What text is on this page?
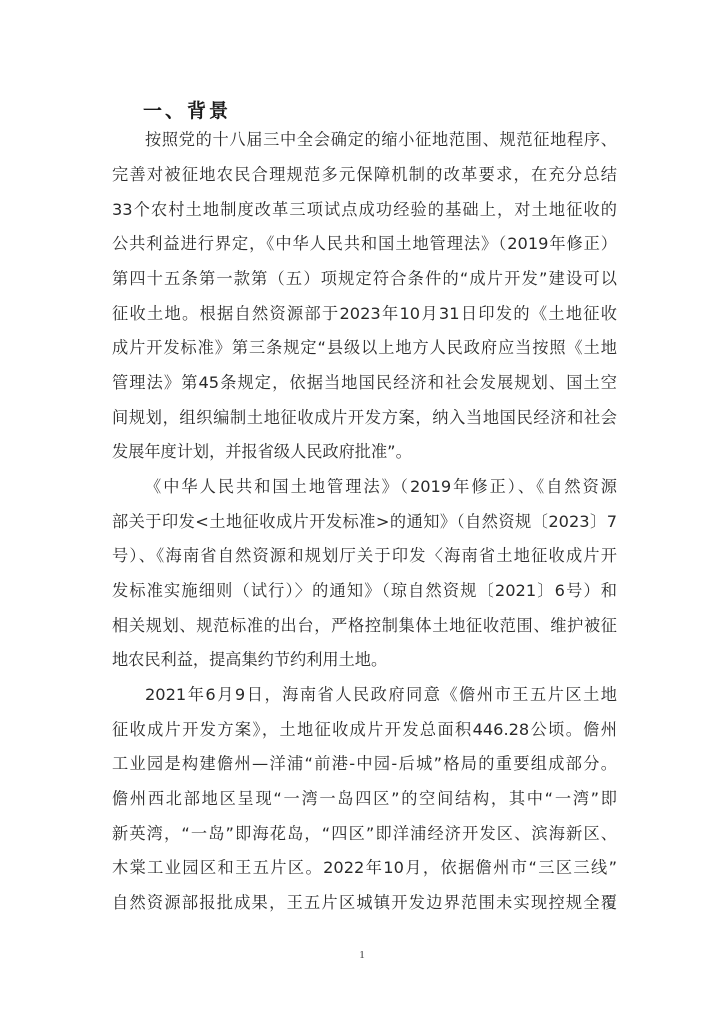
一、背景
按照党的十八届三中全会确定的缩小征地范围、规范征地程序、
完善对被征地农民合理规范多元保障机制的改革要求，在充分总结
33个农村土地制度改革三项试点成功经验的基础上，对土地征收的
公共利益进行界定，《中华人民共和国土地管理法》（2019年修正）
第四十五条第一款第（五）项规定符合条件的“成片开发”建设可以
征收土地。根据自然资源部于2023年10月31日印发的《土地征收
成片开发标准》第三条规定“县级以上地方人民政府应当按照《土地
管理法》第45条规定，依据当地国民经济和社会发展规划、国土空
间规划，组织编制土地征收成片开发方案，纳入当地国民经济和社会
发展年度计划，并报省级人民政府批准”。
《中华人民共和国土地管理法》（2019年修正）、《自然资源
部关于印发<土地征收成片开发标准>的通知》（自然资规〔2023〕7
号）、《海南省自然资源和规划厅关于印发〈海南省土地征收成片开
发标准实施细则（试行）〉的通知》（琼自然资规〔2021〕6号）和
相关规划、规范标准的出台，严格控制集体土地征收范围、维护被征
地农民利益，提高集约节约利用土地。
2021年6月9日，海南省人民政府同意《儋州市王五片区土地
征收成片开发方案》，土地征收成片开发总面积446.28公顷。儋州
工业园是构建儋州—洋浦“前港-中园-后城”格局的重要组成部分。
儋州西北部地区呈现“一湾一岛四区”的空间结构，其中“一湾”即
新英湾，“一岛”即海花岛，“四区”即洋浦经济开发区、滨海新区、
木棠工业园区和王五片区。2022年10月，依据儋州市“三区三线”
自然资源部报批成果，王五片区城镇开发边界范围未实现控规全覆
1
